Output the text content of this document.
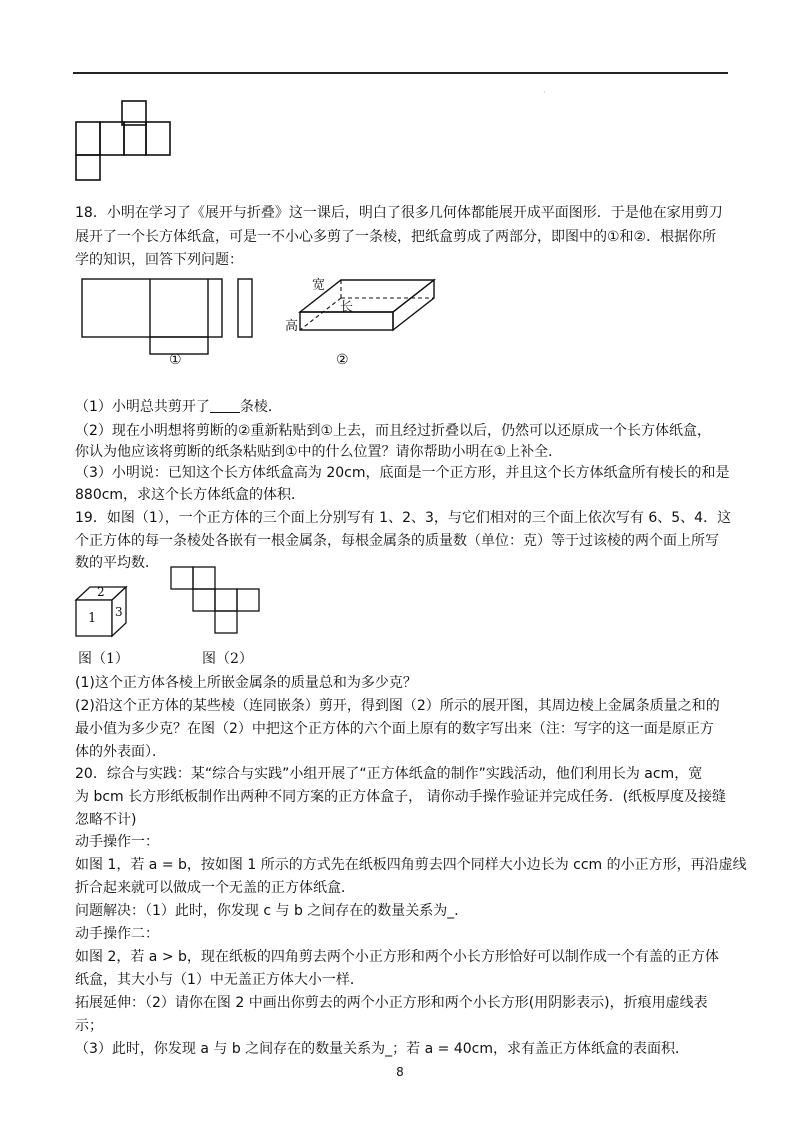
·
18．小明在学习了《展开与折叠》这一课后，明白了很多几何体都能展开成平面图形．于是他在家用剪刀
展开了一个长方体纸盒，可是一不小心多剪了一条棱，把纸盒剪成了两部分，即图中的①和②．根据你所
学的知识，回答下列问题：
①
宽
长
高
②
（1）小明总共剪开了 条棱．
（2）现在小明想将剪断的②重新粘贴到①上去，而且经过折叠以后，仍然可以还原成一个长方体纸盒，
你认为他应该将剪断的纸条粘贴到①中的什么位置？请你帮助小明在①上补全．
（3）小明说：已知这个长方体纸盒高为 20cm，底面是一个正方形，并且这个长方体纸盒所有棱长的和是
880cm，求这个长方体纸盒的体积．
19．如图（1），一个正方体的三个面上分别写有 1、2、3，与它们相对的三个面上依次写有 6、5、4．这
个正方体的每一条棱处各嵌有一根金属条，每根金属条的质量数（单位：克）等于过该棱的两个面上所写
数的平均数．
2
1 3
图（1）	图（2）
(1)这个正方体各棱上所嵌金属条的质量总和为多少克？
(2)沿这个正方体的某些棱（连同嵌条）剪开，得到图（2）所示的展开图，其周边棱上金属条质量之和的
最小值为多少克？在图（2）中把这个正方体的六个面上原有的数字写出来（注：写字的这一面是原正方
体的外表面）．
20．综合与实践：某“综合与实践”小组开展了“正方体纸盒的制作”实践活动，他们利用长为 acm，宽
为 bcm 长方形纸板制作出两种不同方案的正方体盒子， 请你动手操作验证并完成任务．(纸板厚度及接缝
忽略不计)
动手操作一：
如图 1，若 a = b，按如图 1 所示的方式先在纸板四角剪去四个同样大小边长为 ccm 的小正方形，再沿虚线
折合起来就可以做成一个无盖的正方体纸盒．
问题解决：（1）此时，你发现 c 与 b 之间存在的数量关系为_．
动手操作二：
如图 2，若 a > b，现在纸板的四角剪去两个小正方形和两个小长方形恰好可以制作成一个有盖的正方体
纸盒，其大小与（1）中无盖正方体大小一样．
拓展延伸：（2）请你在图 2 中画出你剪去的两个小正方形和两个小长方形(用阴影表示)，折痕用虚线表
示；
（3）此时，你发现 a 与 b 之间存在的数量关系为_；若 a = 40cm，求有盖正方体纸盒的表面积．
8
